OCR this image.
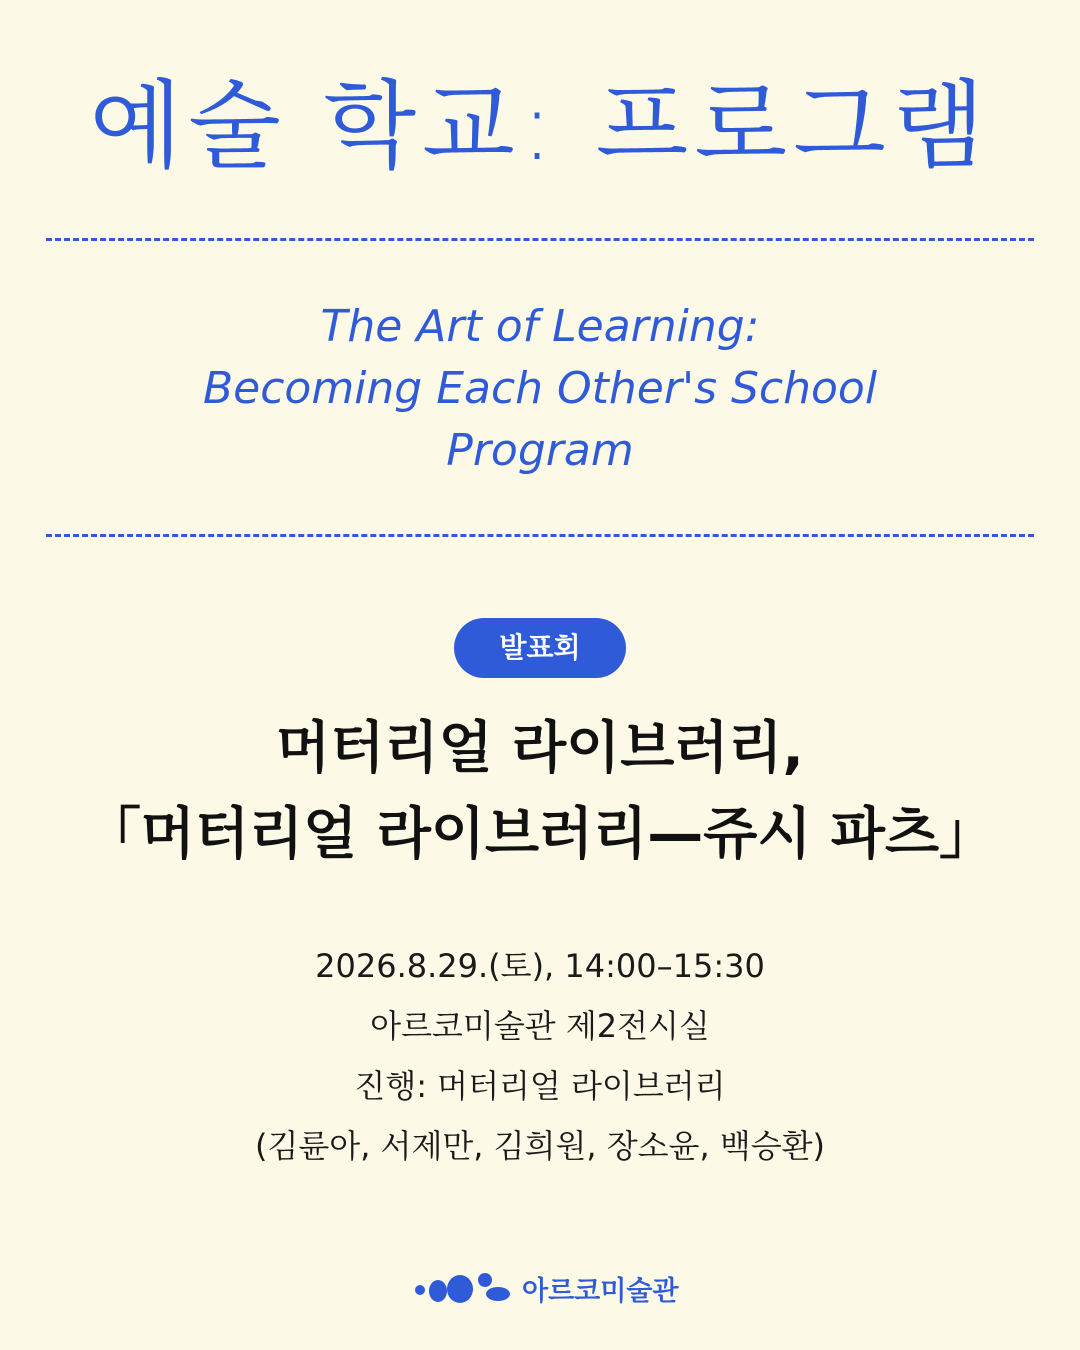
예술 학교: 프로그램
The Art of Learning:
Becoming Each Other's School
Program
발표회
머터리얼 라이브러리,
「머터리얼 라이브러리—쥬시 파츠」
2026.8.29.(토), 14:00–15:30
아르코미술관 제2전시실
진행: 머터리얼 라이브러리
(김륜아, 서제만, 김희원, 장소윤, 백승환)
아르코미술관
